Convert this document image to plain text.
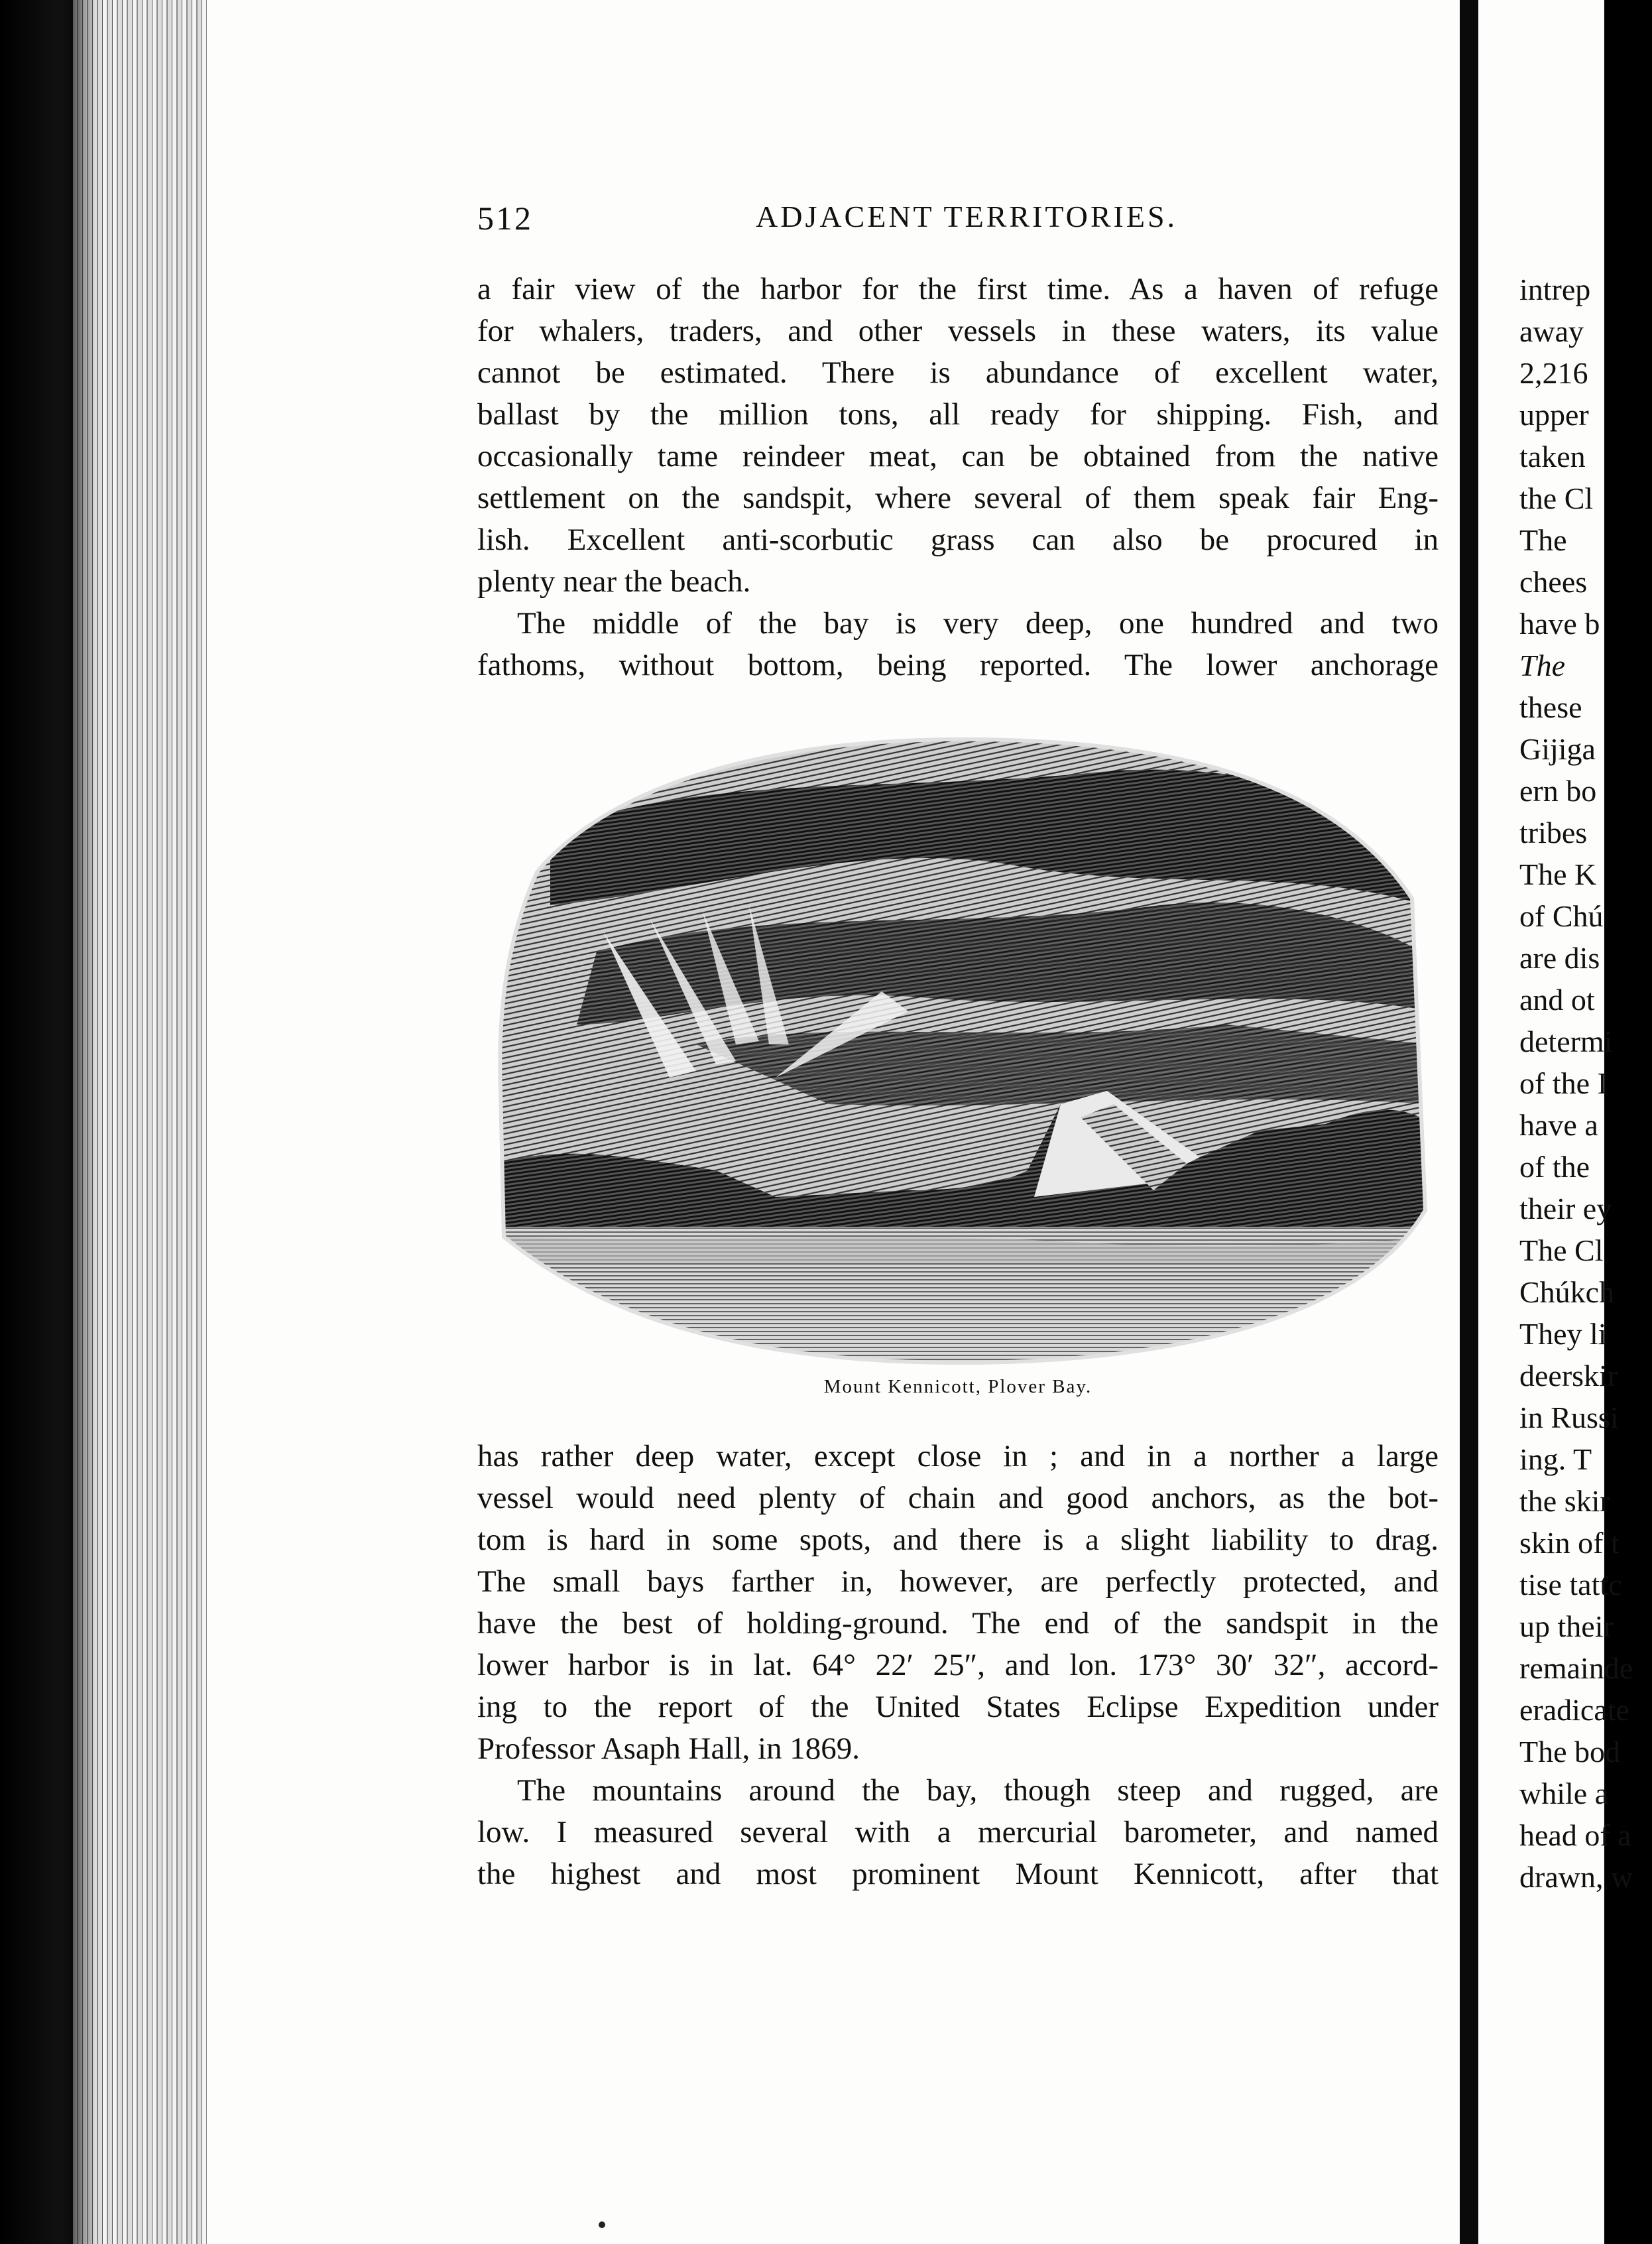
intrep
away
2,216
upper
taken
the Cl
The
chees
have b
The
these
Gijiga
ern bo
tribes
The K
of Chú
are dis
and ot
determi
of the I
have a
of the
their ey
The Cl
Chúkch
They li
deerskir
in Russi
ing. T
the skir
skin of t
tise tattc
up their
remainde
eradicate
The bod
while a
head of a
drawn, w
512	ADJACENT TERRITORIES.
a fair view of the harbor for the first time. As a haven of refuge
for whalers, traders, and other vessels in these waters, its value
cannot be estimated. There is abundance of excellent water,
ballast by the million tons, all ready for shipping. Fish, and
occasionally tame reindeer meat, can be obtained from the native
settlement on the sandspit, where several of them speak fair Eng-
lish. Excellent anti-scorbutic grass can also be procured in
plenty near the beach.
The middle of the bay is very deep, one hundred and two
fathoms, without bottom, being reported. The lower anchorage
Mount Kennicott, Plover Bay.
has rather deep water, except close in ; and in a norther a large
vessel would need plenty of chain and good anchors, as the bot-
tom is hard in some spots, and there is a slight liability to drag.
The small bays farther in, however, are perfectly protected, and
have the best of holding-ground. The end of the sandspit in the
lower harbor is in lat. 64° 22′ 25″, and lon. 173° 30′ 32″, accord-
ing to the report of the United States Eclipse Expedition under
Professor Asaph Hall, in 1869.
The mountains around the bay, though steep and rugged, are
low. I measured several with a mercurial barometer, and named
the highest and most prominent Mount Kennicott, after that
